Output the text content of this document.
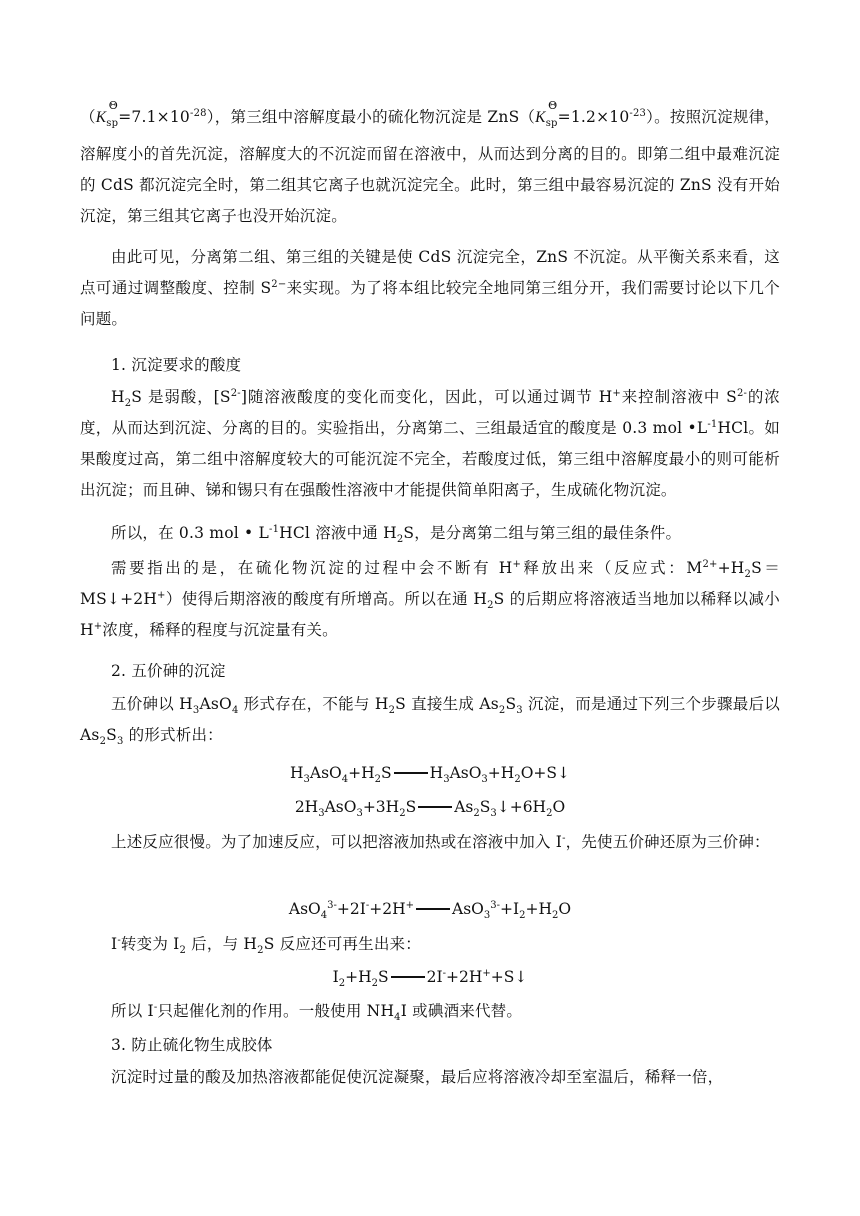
（K
Θ
$_{sp}=7.1\times 10^{-28}$），第三组中溶解度最小的硫化物沉淀是 ZnS（K
Θ
$_{sp}=1.2\times 10^{-23}$）。按照沉淀规律，溶解度小的首先沉淀，溶解度大的不沉淀而留在溶液中，从而达到分离的目的。即第二组中最难沉淀的 CdS 都沉淀完全时，第二组其它离子也就沉淀完全。此时，第三组中最容易沉淀的 ZnS 没有开始沉淀，第三组其它离子也没开始沉淀。

由此可见，分离第二组、第三组的关键是使 CdS 沉淀完全，ZnS 不沉淀。从平衡关系来看，这点可通过调整酸度、控制 $S^{2-}$来实现。为了将本组比较完全地同第三组分开，我们需要讨论以下几个问题。

1. 沉淀要求的酸度

$H_2S$ 是弱酸，$[S^{2-}]$随溶液酸度的变化而变化，因此，可以通过调节 H+来控制溶液中 $S^{2-}$的浓度，从而达到沉淀、分离的目的。实验指出，分离第二、三组最适宜的酸度是 0.3 mol $•L^{-1}HCl$。如果酸度过高，第二组中溶解度较大的可能沉淀不完全，若酸度过低，第三组中溶解度最小的则可能析出沉淀；而且砷、锑和锡只有在强酸性溶液中才能提供简单阳离子，生成硫化物沉淀。

所以，在 0.3 mol • $L^{-1}HCl$ 溶液中通 $H_2S$，是分离第二组与第三组的最佳条件。

需要指出的是，在硫化物沉淀的过程中会不断有 H+释放出来（反应式：$M^{2+}+H_2S=MS↓+2H^+$）使得后期溶液的酸度有所增高。所以在通 $H_2S$ 的后期应将溶液适当地加以稀释以减小 H+浓度，稀释的程度与沉淀量有关。

2. 五价砷的沉淀

五价砷以 $H_3AsO_4$ 形式存在，不能与 $H_2S$ 直接生成 $As_2S_3$ 沉淀，而是通过下列三个步骤最后以 $As_2S_3$ 的形式析出：

$H_3AsO_4+H_2S$ $H_3AsO_3+H_2O+S↓$

$2H_3AsO_3+3H_2S$ $As_2S_3↓+6H_2O$

上述反应很慢。为了加速反应，可以把溶液加热或在溶液中加入 I-，先使五价砷还原为三价砷：

AsO$_4^{3-}$+2I-+2H+ $AsO_3^{3-}+I_2+H_2O$

I-转变为 $I_2$ 后，与 $H_2S$ 反应还可再生出来：

$I_2+H_2S$ 2I-+2H++S↓

所以 I-只起催化剂的作用。一般使用 $NH_4I$ 或碘酒来代替。

3. 防止硫化物生成胶体

沉淀时过量的酸及加热溶液都能促使沉淀凝聚，最后应将溶液冷却至室温后，稀释一倍，
